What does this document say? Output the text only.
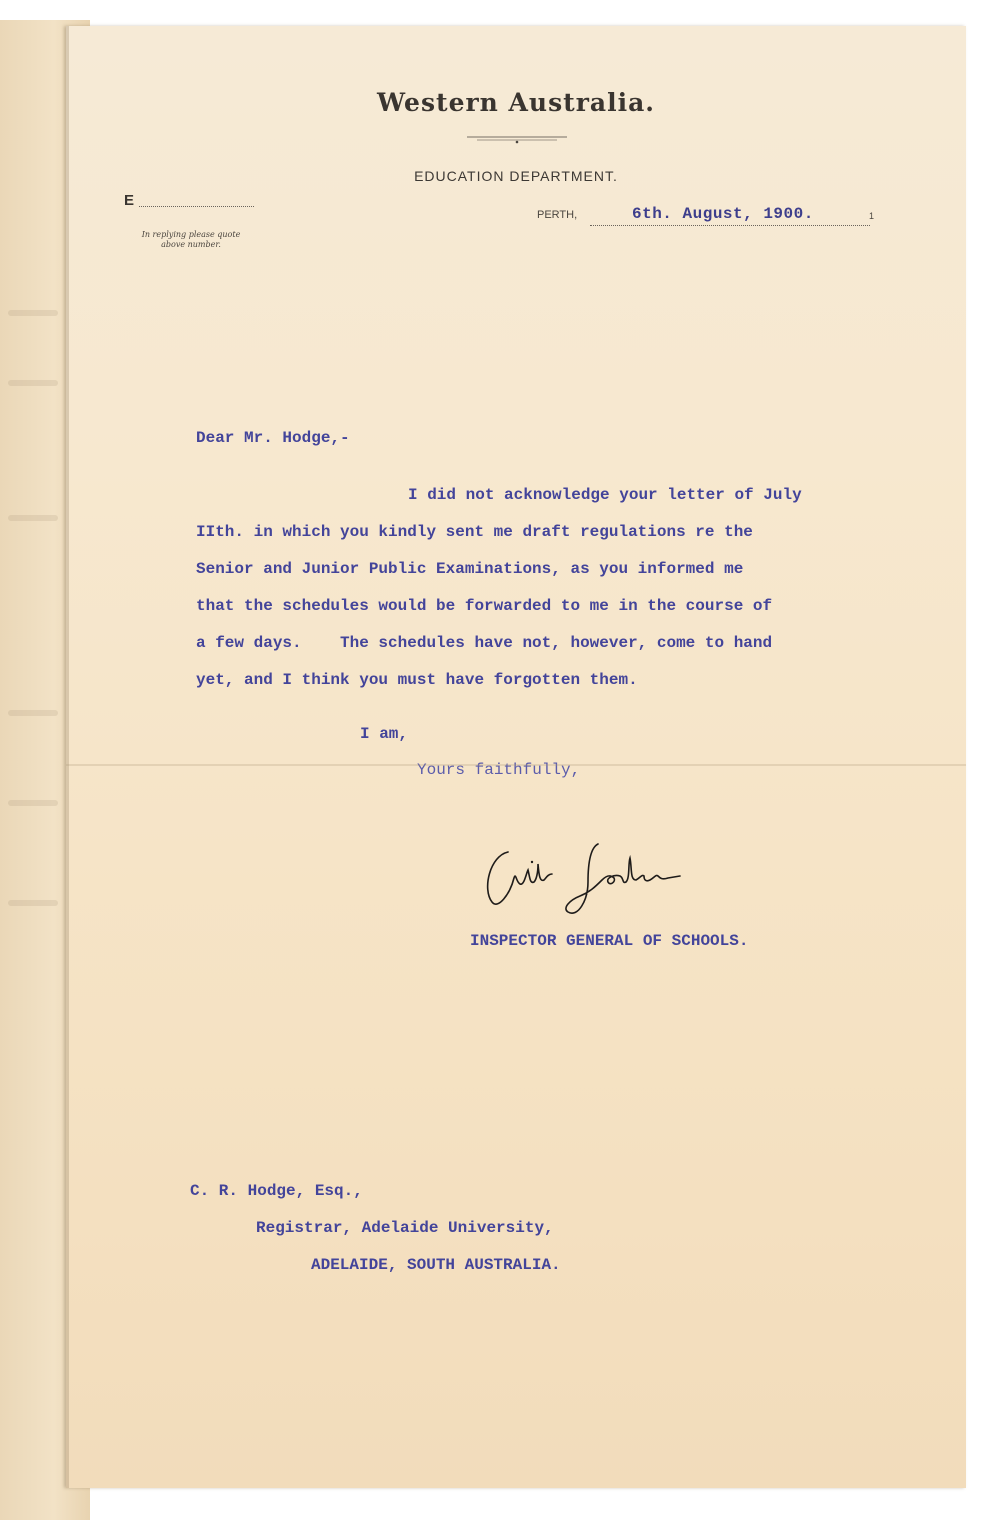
Western Australia.
EDUCATION DEPARTMENT.
E
In replying please quote above number.
PERTH,	6th. August, 1900.	1
Dear Mr. Hodge,-
I did not acknowledge your letter of July
IIth. in which you kindly sent me draft regulations re the
Senior and Junior Public Examinations, as you informed me
that the schedules would be forwarded to me in the course of
a few days.    The schedules have not, however, come to hand
yet, and I think you must have forgotten them.
I am,
Yours faithfully,
INSPECTOR GENERAL OF SCHOOLS.
C. R. Hodge, Esq.,
Registrar, Adelaide University,
ADELAIDE, SOUTH AUSTRALIA.
